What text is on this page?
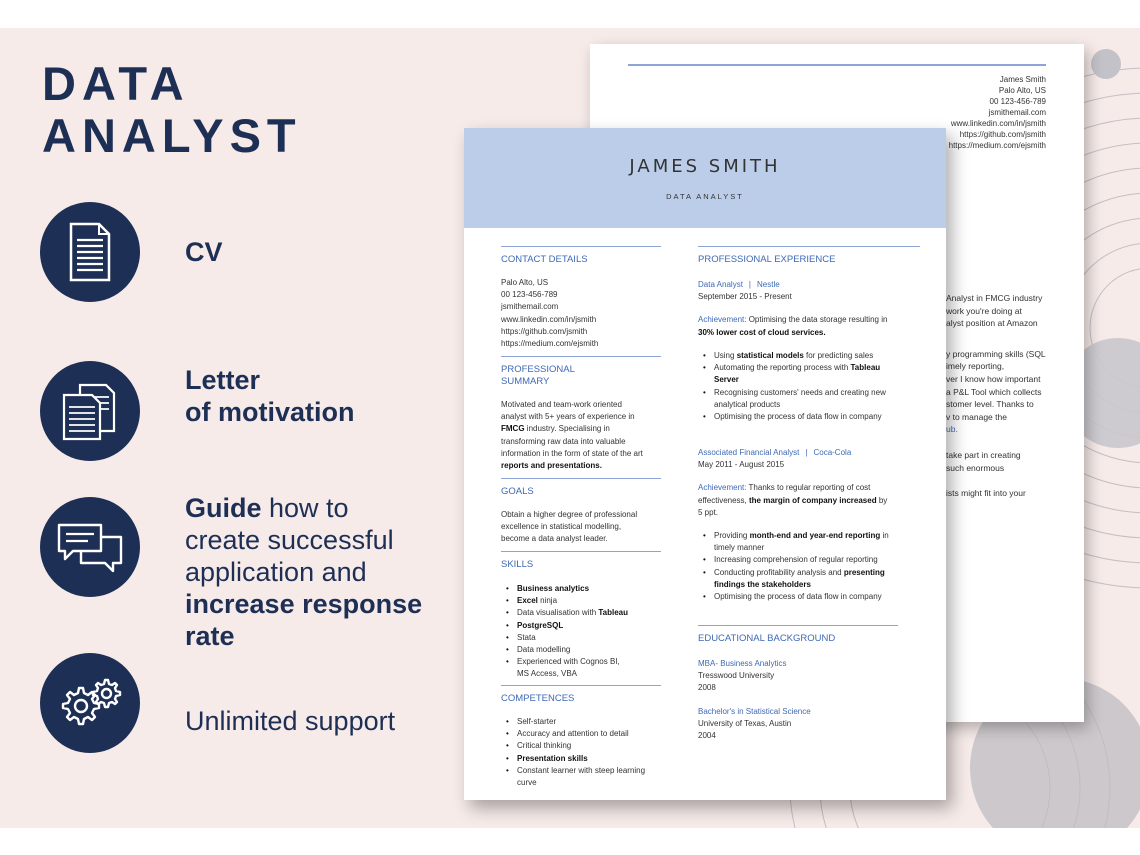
DATA
ANALYST
CV
Letter
of motivation
Guide how to
create successful
application and
increase response
rate
Unlimited support
James Smith
Palo Alto, US
00 123-456-789
jsmithemail.com
www.linkedin.com/in/jsmith
https://github.com/jsmith
https://medium.com/ejsmith
Analyst in FMCG industry
work you're doing at
alyst position at Amazon
y programming skills (SQL
imely reporting,
ver I know how important
a P&L Tool which collects
stomer level. Thanks to
v to manage the
ub.
take part in creating
such enormous
ists might fit into your
JAMES SMITH
DATA ANALYST
CONTACT DETAILS
Palo Alto, US
00 123-456-789
jsmithemail.com
www.linkedin.com/in/jsmith
https://github.com/jsmith
https://medium.com/ejsmith
PROFESSIONAL
SUMMARY
Motivated and team-work oriented
analyst with 5+ years of experience in
FMCG industry. Specialising in
transforming raw data into valuable
information in the form of state of the art
reports and presentations.
GOALS
Obtain a higher degree of professional
excellence in statistical modelling,
become a data analyst leader.
SKILLS
• Business analytics
• Excel ninja
• Data visualisation with Tableau
• PostgreSQL
• Stata
• Data modelling
• Experienced with Cognos BI,
MS Access, VBA
COMPETENCES
• Self-starter
• Accuracy and attention to detail
• Critical thinking
• Presentation skills
• Constant learner with steep learning
curve
PROFESSIONAL EXPERIENCE
Data Analyst | Nestle
September 2015 - Present
Achievement: Optimising the data storage resulting in
30% lower cost of cloud services.
• Using statistical models for predicting sales
• Automating the reporting process with Tableau
Server
• Recognising customers' needs and creating new
analytical products
• Optimising the process of data flow in company
Associated Financial Analyst | Coca-Cola
May 2011 - August 2015
Achievement: Thanks to regular reporting of cost
effectiveness, the margin of company increased by
5 ppt.
• Providing month-end and year-end reporting in
timely manner
• Increasing comprehension of regular reporting
• Conducting profitability analysis and presenting
findings the stakeholders
• Optimising the process of data flow in company
EDUCATIONAL BACKGROUND
MBA- Business Analytics
Tresswood University
2008
Bachelor's in Statistical Science
University of Texas, Austin
2004
